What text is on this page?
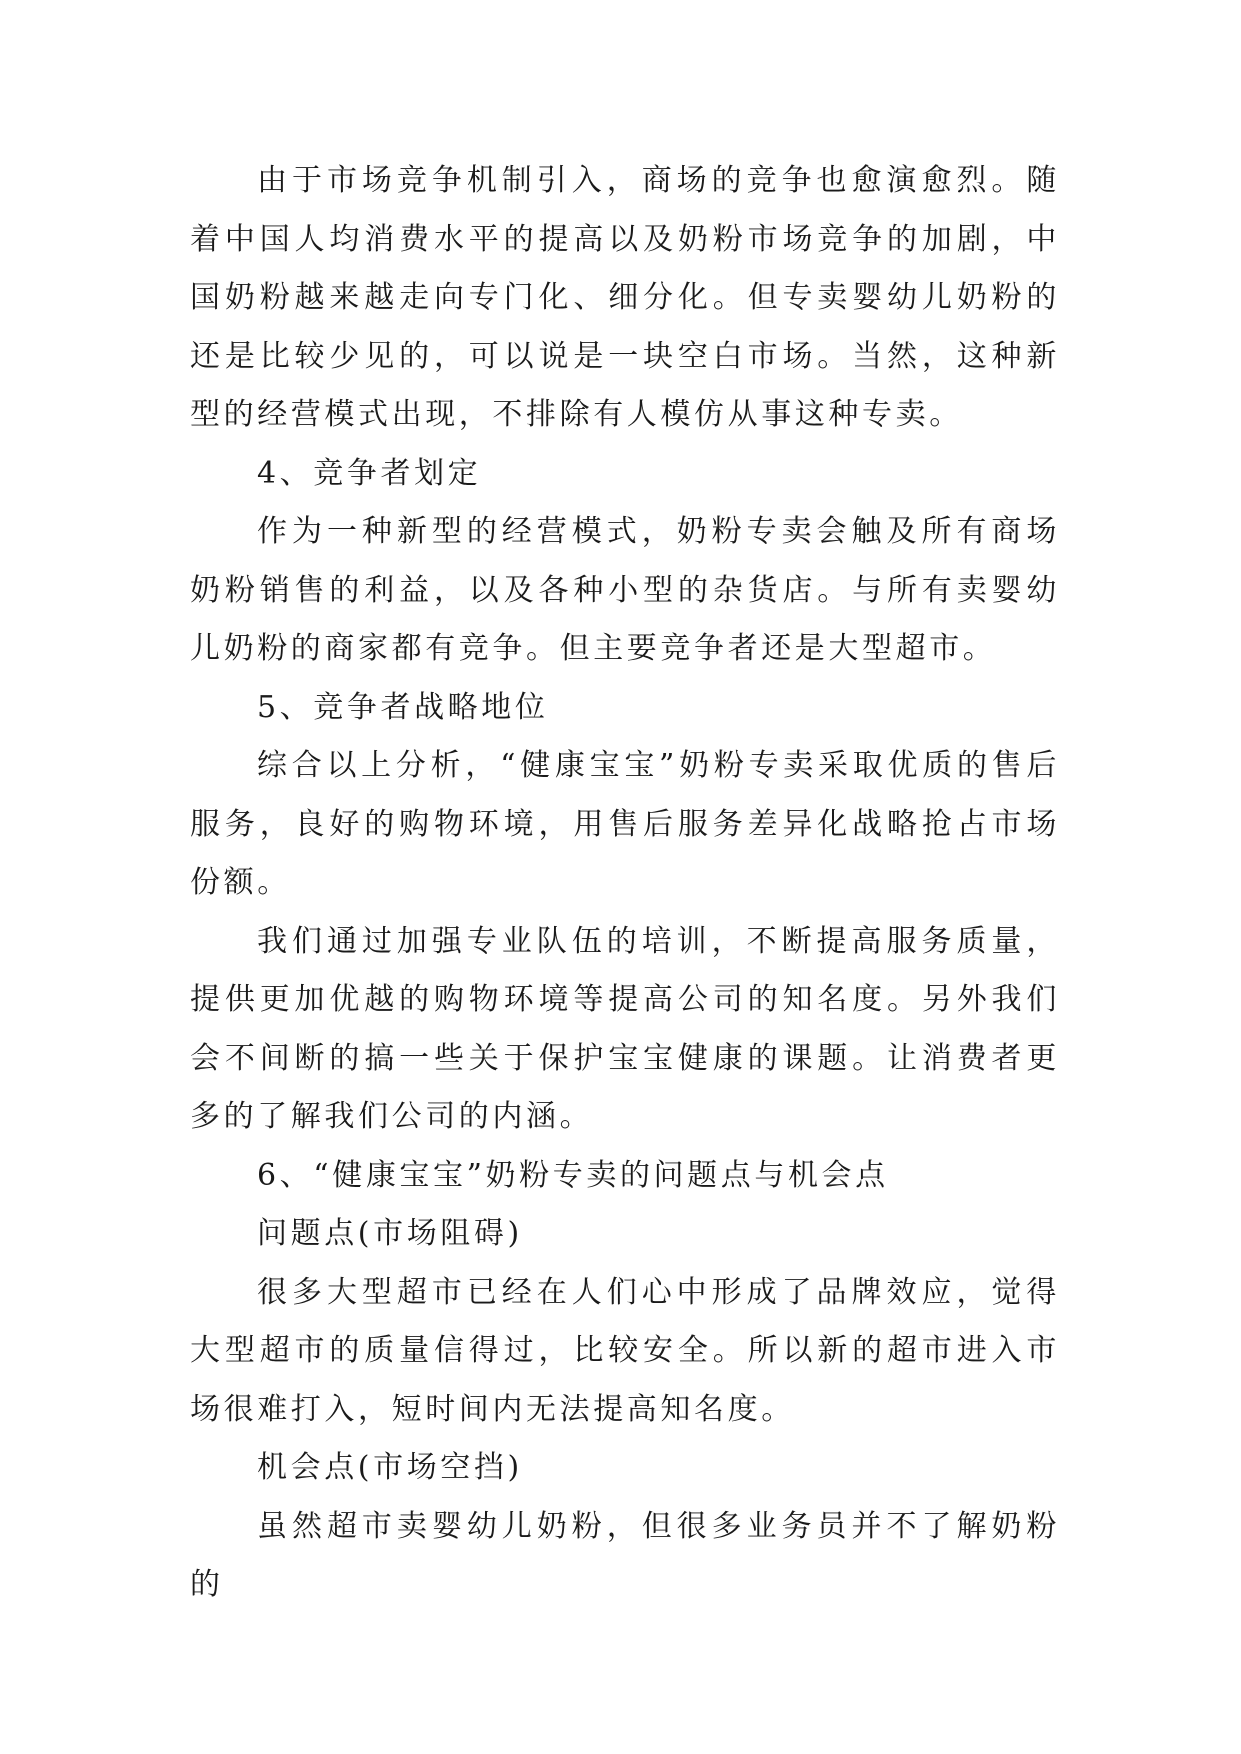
由于市场竞争机制引入，商场的竞争也愈演愈烈。随着中国人均消费水平的提高以及奶粉市场竞争的加剧，中国奶粉越来越走向专门化、细分化。但专卖婴幼儿奶粉的还是比较少见的，可以说是一块空白市场。当然，这种新型的经营模式出现，不排除有人模仿从事这种专卖。

4、竞争者划定

作为一种新型的经营模式，奶粉专卖会触及所有商场奶粉销售的利益，以及各种小型的杂货店。与所有卖婴幼儿奶粉的商家都有竞争。但主要竞争者还是大型超市。

5、竞争者战略地位

综合以上分析，“健康宝宝”奶粉专卖采取优质的售后服务，良好的购物环境，用售后服务差异化战略抢占市场份额。

我们通过加强专业队伍的培训，不断提高服务质量，提供更加优越的购物环境等提高公司的知名度。另外我们会不间断的搞一些关于保护宝宝健康的课题。让消费者更多的了解我们公司的内涵。

6、“健康宝宝”奶粉专卖的问题点与机会点

问题点(市场阻碍)

很多大型超市已经在人们心中形成了品牌效应，觉得大型超市的质量信得过，比较安全。所以新的超市进入市场很难打入，短时间内无法提高知名度。

机会点(市场空挡)

虽然超市卖婴幼儿奶粉，但很多业务员并不了解奶粉的
